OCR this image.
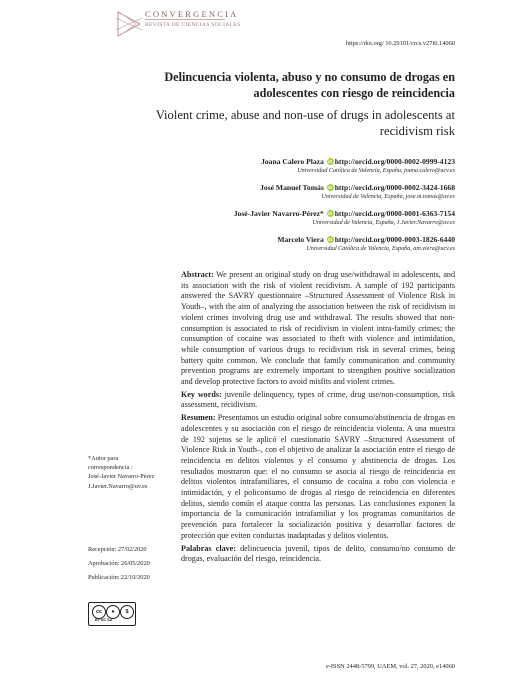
CONVERGENCIA
REVISTA DE CIENCIAS SOCIALES
https://doi.org/ 10.29101/crcs.v27i0.14060
Delincuencia violenta, abuso y no consumo de drogas en adolescentes con riesgo de reincidencia
Violent crime, abuse and non-use of drugs in adolescents at recidivism risk
Joana Calero Plaza iD http://orcid.org/0000-0002-0999-4123
Universidad Católica de Valencia, España, joana.calero@ucv.es
José Manuel Tomás iD http://orcid.org/0000-0002-3424-1668
Universidad de Valencia, España, jose.m.tomas@uv.es
José-Javier Navarro-Pérez* iD http://orcid.org/0000-0001-6363-7154
Universidad de Valencia, España, J.Javier.Navarro@uv.es
Marcelo Viera iD http://orcid.org/0000-0003-1826-6440
Universidad Católica de Valencia, España, am.viera@ucv.es

Abstract: We present an original study on drug use/withdrawal in adolescents, and its association with the risk of violent recidivism. A sample of 192 participants answered the SAVRY questionnaire –Structured Assessment of Violence Risk in Youth–, with the aim of analyzing the association between the risk of recidivism in violent crimes involving drug use and withdrawal. The results showed that non-consumption is associated to risk of recidivism in violent intra-family crimes; the consumption of cocaine was associated to theft with violence and intimidation, while consumption of various drugs to recidivism risk in several crimes, being battery quite common. We conclude that family communication and community prevention programs are extremely important to strengthen positive socialization and develop protective factors to avoid misfits and violent crimes.

Key words: juvenile delinquency, types of crime, drug use/non-consumption, risk assessment, recidivism.

Resumen: Presentamos un estudio original sobre consumo/abstinencia de drogas en adolescentes y su asociación con el riesgo de reincidencia violenta. A una muestra de 192 sujetos se le aplicó el cuestionario SAVRY –Structured Assessment of Violence Risk in Youth–, con el objetivo de analizar la asociación entre el riesgo de reincidencia en delitos violentos y el consumo y abstinencia de drogas. Los resultados mostraron que: el no consumo se asocia al riesgo de reincidencia en delitos violentos intrafamiliares, el consumo de cocaína a robo con violencia e intimidación, y el policonsumo de drogas al riesgo de reincidencia en diferentes delitos, siendo común el ataque contra las personas. Las conclusiones exponen la importancia de la comunicación intrafamiliar y los programas comunitarios de prevención para fortalecer la socialización positiva y desarrollar factores de protección que eviten conductas inadaptadas y delitos violentos.

Palabras clave: delincuencia juvenil, tipos de delito, consumo/no consumo de drogas, evaluación del riesgo, reincidencia.

*Autor para
correspondencia :
José-Javier Navarro-Pérez
J.Javier.Navarro@uv.es
Recepción: 27/02/2020
Aprobación: 26/05/2020
Publicación: 22/10/2020
cc	●	$
BY NC SA
e-ISSN 2448-5799, UAEM, vol. 27, 2020, e14060
